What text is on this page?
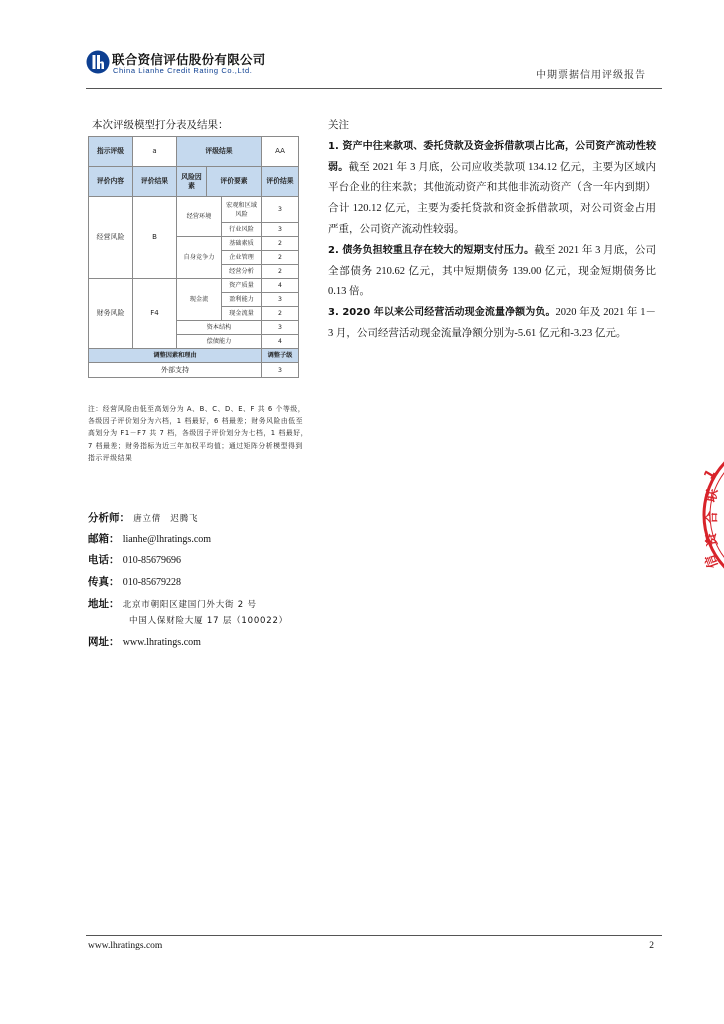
联合资信评估股份有限公司
China Lianhe Credit Rating Co.,Ltd.	中期票据信用评级报告
本次评级模型打分表及结果：
指示评级	a	评级结果			AA
评价内容	评价结果	风险因素	评价要素		评价结果
经营风险	B	经营环境		宏观和区域风险	3
				行业风险	3
		自身竞争力		基础素质	2
				企业管理	2
				经营分析	2
财务风险	F4	现金流		资产质量	4
				盈利能力	3
				现金流量	2
		资本结构			3
		偿债能力			4
调整因素和理由					调整子级
外部支持					3
注：经营风险由低至高划分为 A、B、C、D、E、F 共 6 个等级，各级因子评价划分为六档，1 档最好，6 档最差；财务风险由低至高划分为 F1－F7 共 7 档，各级因子评价划分为七档，1 档最好，7 档最差；财务指标为近三年加权平均值；通过矩阵分析模型得到指示评级结果
分析师： 唐立倩　迟腾飞
邮箱： lianhe@lhratings.com
电话： 010-85679696
传真： 010-85679228
地址： 北京市朝阳区建国门外大街 2 号
中国人保财险大厦 17 层（100022）
网址： www.lhratings.com

关注

1. 资产中往来款项、委托贷款及资金拆借款项占比高，公司资产流动性较弱。截至 2021 年 3 月底，公司应收类款项 134.12 亿元，主要为区域内平台企业的往来款；其他流动资产和其他非流动资产（含一年内到期）合计 120.12 亿元，主要为委托贷款和资金拆借款项，对公司资金占用严重，公司资产流动性较弱。

2. 债务负担较重且存在较大的短期支付压力。截至 2021 年 3 月底，公司全部债务 210.62 亿元，其中短期债务 139.00 亿元，现金短期债务比 0.13 倍。

3. 2020 年以来公司经营活动现金流量净额为负。2020 年及 2021 年 1－3 月，公司经营活动现金流量净额分别为-5.61 亿元和-3.23 亿元。

1
联
合
资
信
www.lhratings.com	2
